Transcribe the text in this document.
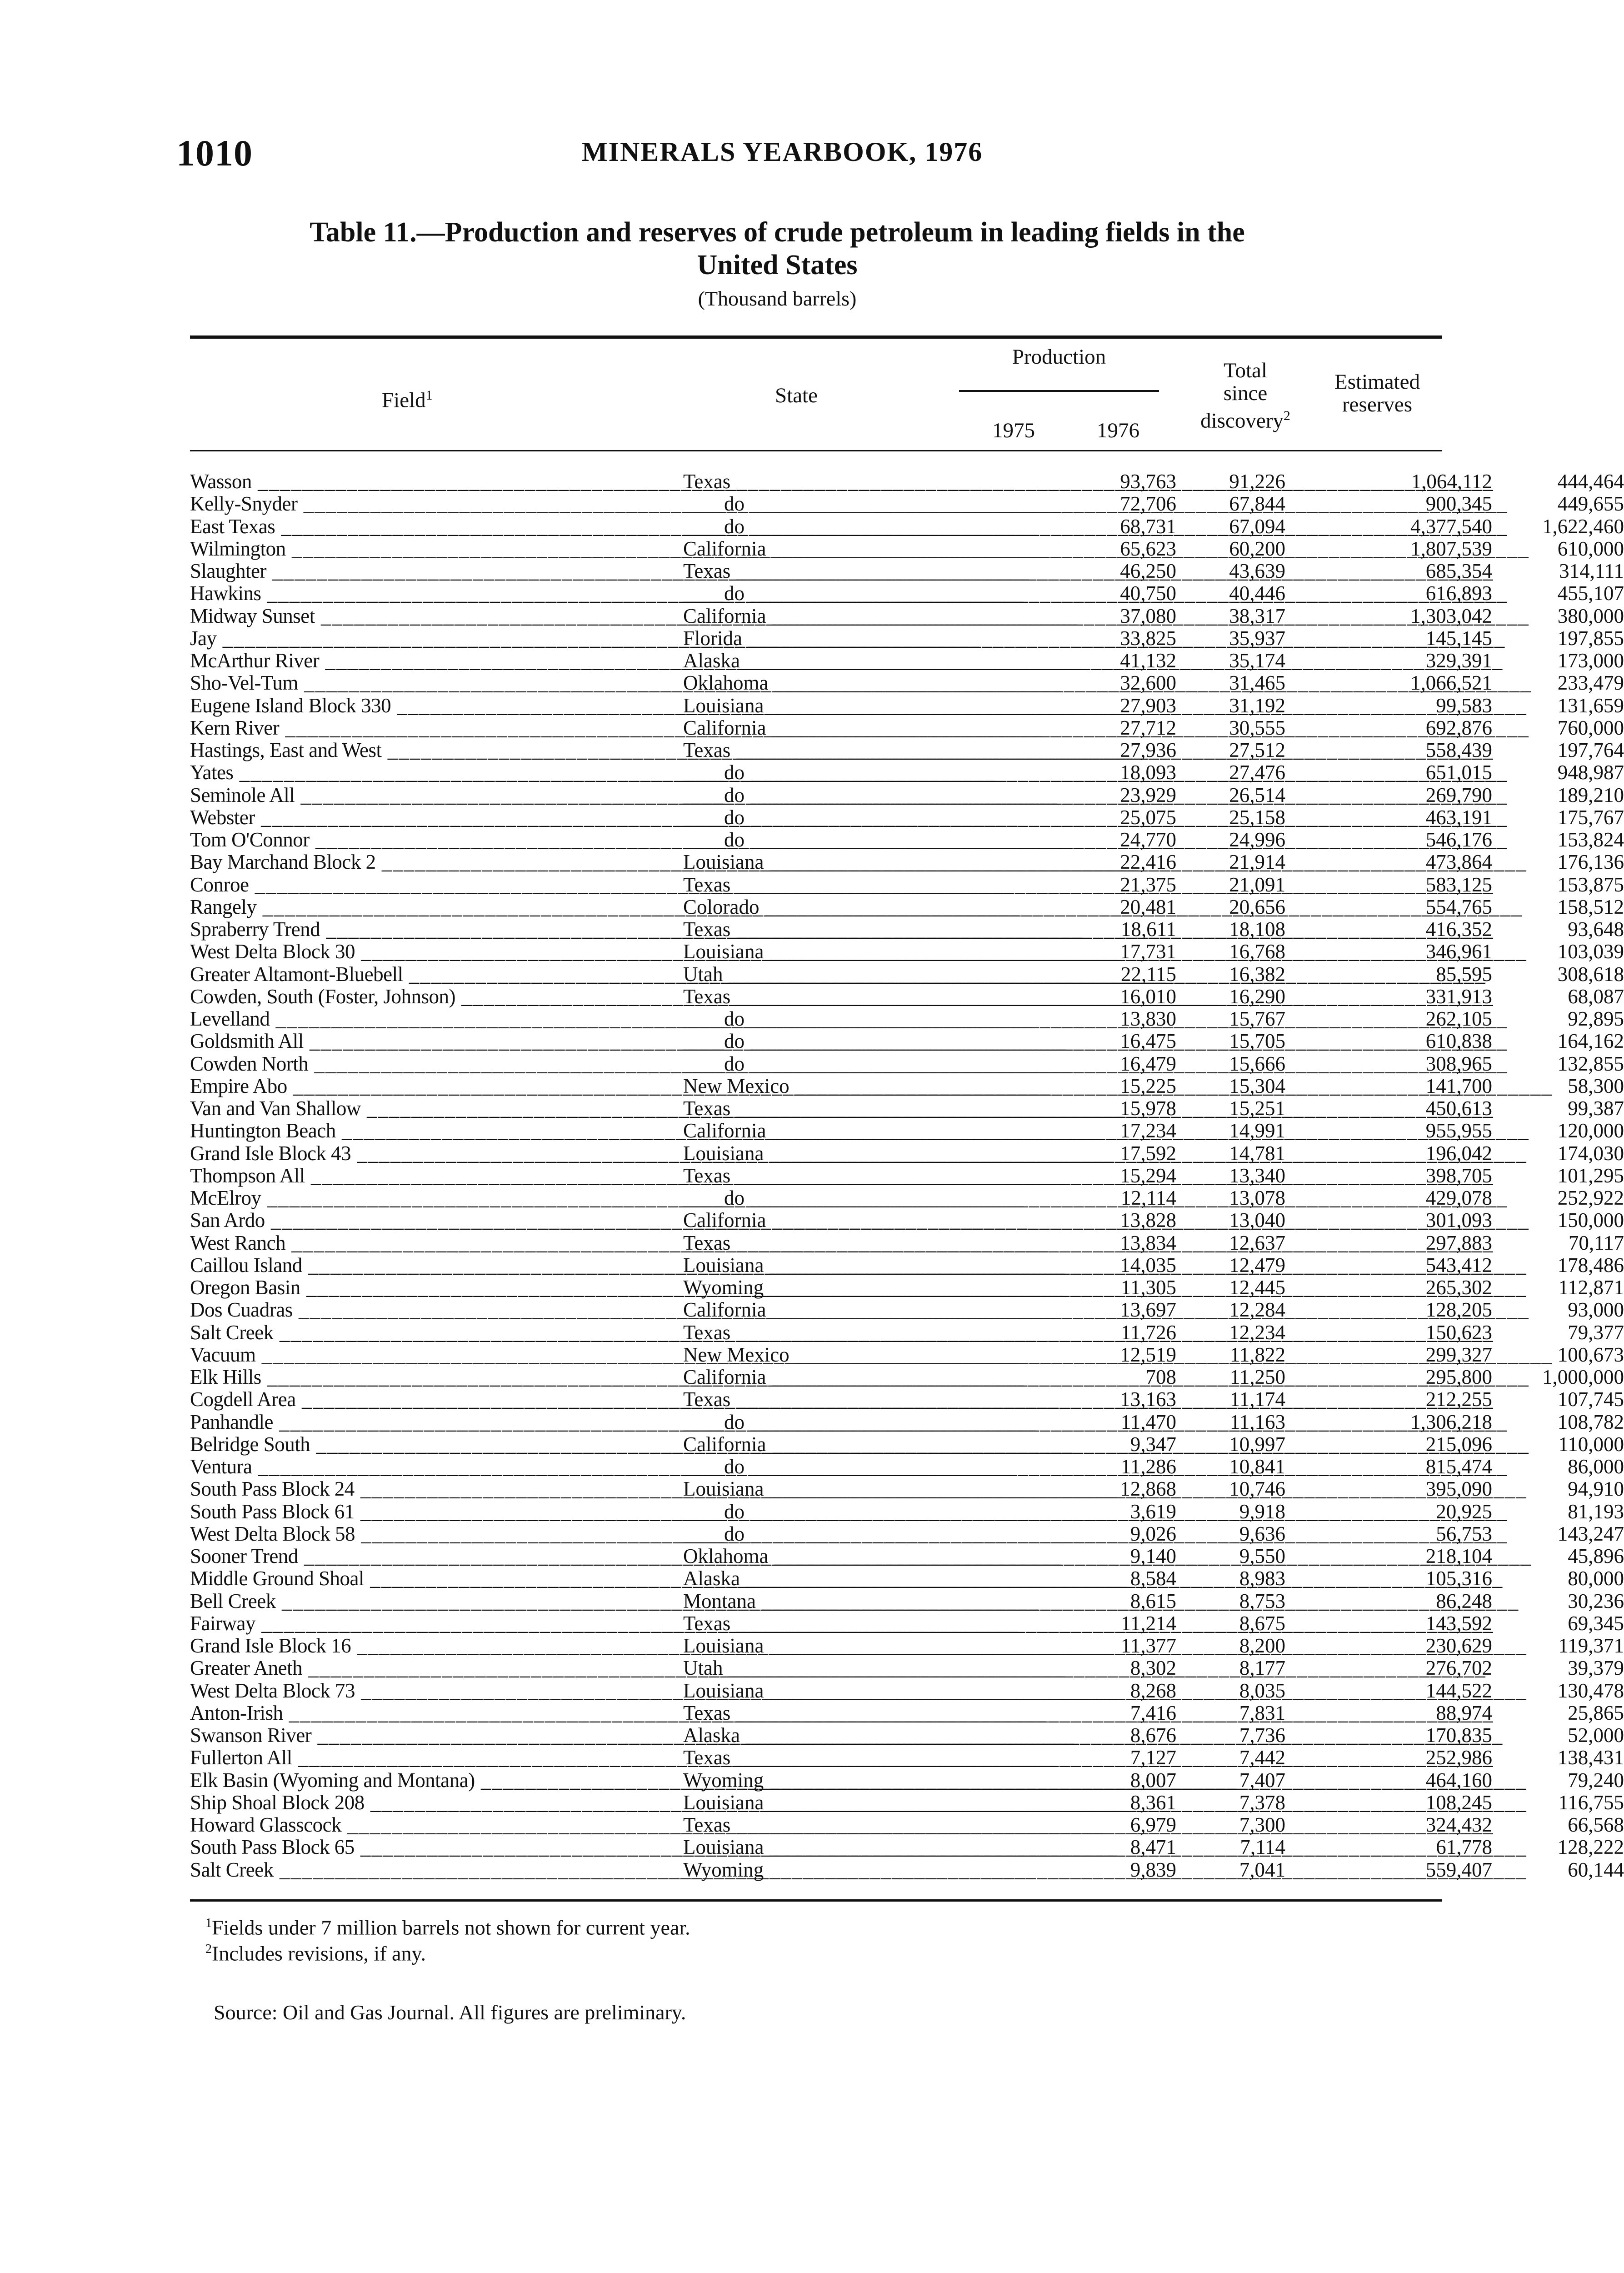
1010	MINERALS YEARBOOK, 1976
Table 11.—Production and reserves of crude petroleum in leading fields in the
United States
(Thousand barrels)
Field$^1$	State
Production
1975	1976
Total
since
discovery$^2$
Estimated
reserves
Wasson _____	Texas _____	93,763	91,226	1,064,112	444,464
Kelly-Snyder _____	____do _____	72,706	67,844	900,345	449,655
East Texas _____	____do _____	68,731	67,094	4,377,540	1,622,460
Wilmington _____	California _____	65,623	60,200	1,807,539	610,000
Slaughter _____	Texas _____	46,250	43,639	685,354	314,111
Hawkins _____	____do _____	40,750	40,446	616,893	455,107
Midway Sunset _____	California _____	37,080	38,317	1,303,042	380,000
Jay _____	Florida _____	33,825	35,937	145,145	197,855
McArthur River _____	Alaska _____	41,132	35,174	329,391	173,000
Sho-Vel-Tum _____	Oklahoma _____	32,600	31,465	1,066,521	233,479
Eugene Island Block 330 _____	Louisiana _____	27,903	31,192	99,583	131,659
Kern River _____	California _____	27,712	30,555	692,876	760,000
Hastings, East and West _____	Texas _____	27,936	27,512	558,439	197,764
Yates _____	____do _____	18,093	27,476	651,015	948,987
Seminole All _____	____do _____	23,929	26,514	269,790	189,210
Webster _____	____do _____	25,075	25,158	463,191	175,767
Tom O'Connor _____	____do _____	24,770	24,996	546,176	153,824
Bay Marchand Block 2 _____	Louisiana _____	22,416	21,914	473,864	176,136
Conroe _____	Texas _____	21,375	21,091	583,125	153,875
Rangely _____	Colorado _____	20,481	20,656	554,765	158,512
Spraberry Trend _____	Texas _____	18,611	18,108	416,352	93,648
West Delta Block 30 _____	Louisiana _____	17,731	16,768	346,961	103,039
Greater Altamont-Bluebell _____	Utah _____	22,115	16,382	85,595	308,618
Cowden, South (Foster, Johnson) _____	Texas _____	16,010	16,290	331,913	68,087
Levelland _____	____do _____	13,830	15,767	262,105	92,895
Goldsmith All _____	____do _____	16,475	15,705	610,838	164,162
Cowden North _____	____do _____	16,479	15,666	308,965	132,855
Empire Abo _____	New Mexico _____	15,225	15,304	141,700	58,300
Van and Van Shallow _____	Texas _____	15,978	15,251	450,613	99,387
Huntington Beach _____	California _____	17,234	14,991	955,955	120,000
Grand Isle Block 43 _____	Louisiana _____	17,592	14,781	196,042	174,030
Thompson All _____	Texas _____	15,294	13,340	398,705	101,295
McElroy _____	____do _____	12,114	13,078	429,078	252,922
San Ardo _____	California _____	13,828	13,040	301,093	150,000
West Ranch _____	Texas _____	13,834	12,637	297,883	70,117
Caillou Island _____	Louisiana _____	14,035	12,479	543,412	178,486
Oregon Basin _____	Wyoming _____	11,305	12,445	265,302	112,871
Dos Cuadras _____	California _____	13,697	12,284	128,205	93,000
Salt Creek _____	Texas _____	11,726	12,234	150,623	79,377
Vacuum _____	New Mexico _____	12,519	11,822	299,327	100,673
Elk Hills _____	California _____	708	11,250	295,800	1,000,000
Cogdell Area _____	Texas _____	13,163	11,174	212,255	107,745
Panhandle _____	____do _____	11,470	11,163	1,306,218	108,782
Belridge South _____	California _____	9,347	10,997	215,096	110,000
Ventura _____	____do _____	11,286	10,841	815,474	86,000
South Pass Block 24 _____	Louisiana _____	12,868	10,746	395,090	94,910
South Pass Block 61 _____	____do _____	3,619	9,918	20,925	81,193
West Delta Block 58 _____	____do _____	9,026	9,636	56,753	143,247
Sooner Trend _____	Oklahoma _____	9,140	9,550	218,104	45,896
Middle Ground Shoal _____	Alaska _____	8,584	8,983	105,316	80,000
Bell Creek _____	Montana _____	8,615	8,753	86,248	30,236
Fairway _____	Texas _____	11,214	8,675	143,592	69,345
Grand Isle Block 16 _____	Louisiana _____	11,377	8,200	230,629	119,371
Greater Aneth _____	Utah _____	8,302	8,177	276,702	39,379
West Delta Block 73 _____	Louisiana _____	8,268	8,035	144,522	130,478
Anton-Irish _____	Texas _____	7,416	7,831	88,974	25,865
Swanson River _____	Alaska _____	8,676	7,736	170,835	52,000
Fullerton All _____	Texas _____	7,127	7,442	252,986	138,431
Elk Basin (Wyoming and Montana) _____	Wyoming _____	8,007	7,407	464,160	79,240
Ship Shoal Block 208 _____	Louisiana _____	8,361	7,378	108,245	116,755
Howard Glasscock _____	Texas _____	6,979	7,300	324,432	66,568
South Pass Block 65 _____	Louisiana _____	8,471	7,114	61,778	128,222
Salt Creek _____	Wyoming _____	9,839	7,041	559,407	60,144
$^1$Fields under 7 million barrels not shown for current year.
$^2$Includes revisions, if any.
Source: Oil and Gas Journal. All figures are preliminary.
